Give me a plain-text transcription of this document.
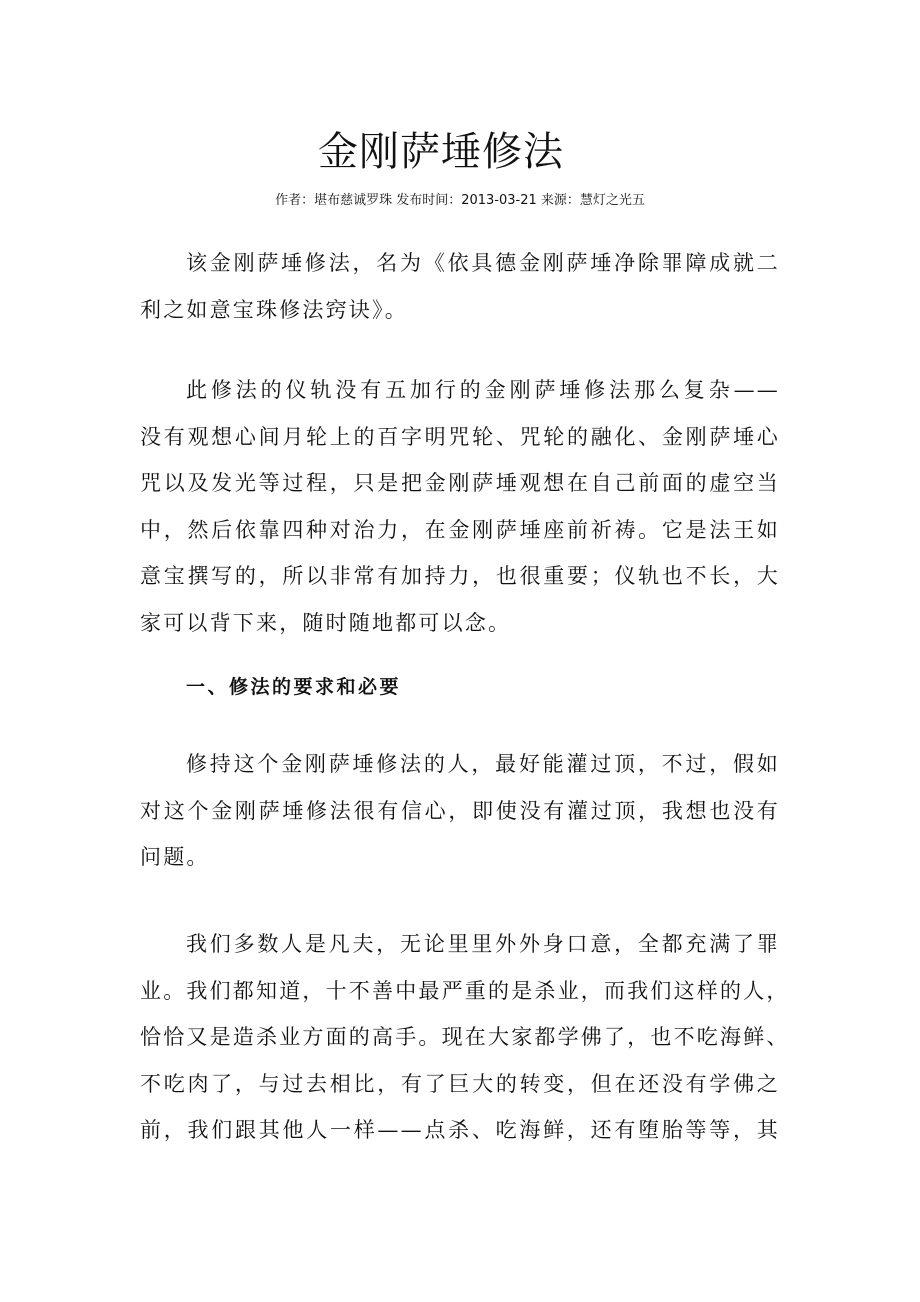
金刚萨埵修法

作者：堪布慈诚罗珠 发布时间：2013-03-21 来源：慧灯之光五

该金刚萨埵修法，名为《依具德金刚萨埵净除罪障成就二
利之如意宝珠修法窍诀》。
此修法的仪轨没有五加行的金刚萨埵修法那么复杂——
没有观想心间月轮上的百字明咒轮、咒轮的融化、金刚萨埵心
咒以及发光等过程，只是把金刚萨埵观想在自己前面的虚空当
中，然后依靠四种对治力，在金刚萨埵座前祈祷。它是法王如
意宝撰写的，所以非常有加持力，也很重要；仪轨也不长，大
家可以背下来，随时随地都可以念。
一、修法的要求和必要
修持这个金刚萨埵修法的人，最好能灌过顶，不过，假如
对这个金刚萨埵修法很有信心，即使没有灌过顶，我想也没有
问题。
我们多数人是凡夫，无论里里外外身口意，全都充满了罪
业。我们都知道，十不善中最严重的是杀业，而我们这样的人，
恰恰又是造杀业方面的高手。现在大家都学佛了，也不吃海鲜、
不吃肉了，与过去相比，有了巨大的转变，但在还没有学佛之
前，我们跟其他人一样——点杀、吃海鲜，还有堕胎等等，其
